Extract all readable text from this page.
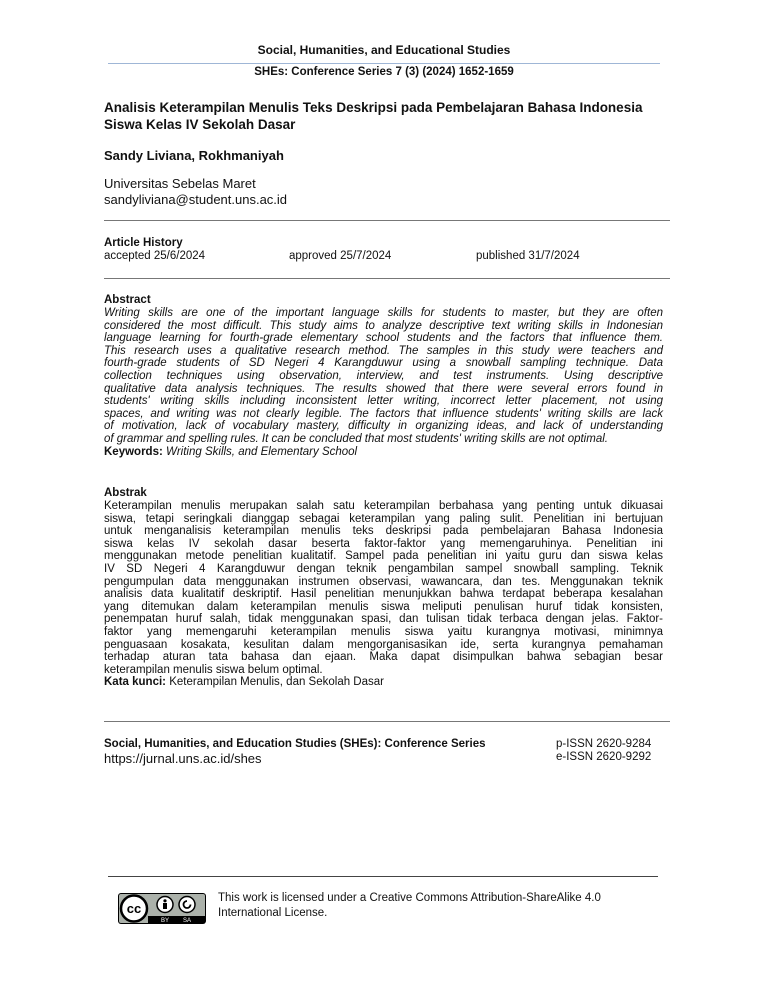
Social, Humanities, and Educational Studies
SHEs: Conference Series 7 (3) (2024) 1652-1659
Analisis Keterampilan Menulis Teks Deskripsi pada Pembelajaran Bahasa Indonesia
Siswa Kelas IV Sekolah Dasar
Sandy Liviana, Rokhmaniyah
Universitas Sebelas Maret
sandyliviana@student.uns.ac.id
Article History
accepted 25/6/2024	approved 25/7/2024	published 31/7/2024
Abstract
Writing skills are one of the important language skills for students to master, but they are often
considered the most difficult. This study aims to analyze descriptive text writing skills in Indonesian
language learning for fourth-grade elementary school students and the factors that influence them.
This research uses a qualitative research method. The samples in this study were teachers and
fourth-grade students of SD Negeri 4 Karangduwur using a snowball sampling technique. Data
collection techniques using observation, interview, and test instruments. Using descriptive
qualitative data analysis techniques. The results showed that there were several errors found in
students' writing skills including inconsistent letter writing, incorrect letter placement, not using
spaces, and writing was not clearly legible. The factors that influence students' writing skills are lack
of motivation, lack of vocabulary mastery, difficulty in organizing ideas, and lack of understanding
of grammar and spelling rules. It can be concluded that most students' writing skills are not optimal.
Keywords: Writing Skills, and Elementary School
Abstrak
Keterampilan menulis merupakan salah satu keterampilan berbahasa yang penting untuk dikuasai
siswa, tetapi seringkali dianggap sebagai keterampilan yang paling sulit. Penelitian ini bertujuan
untuk menganalisis keterampilan menulis teks deskripsi pada pembelajaran Bahasa Indonesia
siswa kelas IV sekolah dasar beserta faktor-faktor yang memengaruhinya. Penelitian ini
menggunakan metode penelitian kualitatif. Sampel pada penelitian ini yaitu guru dan siswa kelas
IV SD Negeri 4 Karangduwur dengan teknik pengambilan sampel snowball sampling. Teknik
pengumpulan data menggunakan instrumen observasi, wawancara, dan tes. Menggunakan teknik
analisis data kualitatif deskriptif. Hasil penelitian menunjukkan bahwa terdapat beberapa kesalahan
yang ditemukan dalam keterampilan menulis siswa meliputi penulisan huruf tidak konsisten,
penempatan huruf salah, tidak menggunakan spasi, dan tulisan tidak terbaca dengan jelas. Faktor-
faktor yang memengaruhi keterampilan menulis siswa yaitu kurangnya motivasi, minimnya
penguasaan kosakata, kesulitan dalam mengorganisasikan ide, serta kurangnya pemahaman
terhadap aturan tata bahasa dan ejaan. Maka dapat disimpulkan bahwa sebagian besar
keterampilan menulis siswa belum optimal.
Kata kunci: Keterampilan Menulis, dan Sekolah Dasar
Social, Humanities, and Education Studies (SHEs): Conference Series
https://jurnal.uns.ac.id/shes
p-ISSN 2620-9284
e-ISSN 2620-9292
cc
BY SA
This work is licensed under a Creative Commons Attribution-ShareAlike 4.0
International License.
